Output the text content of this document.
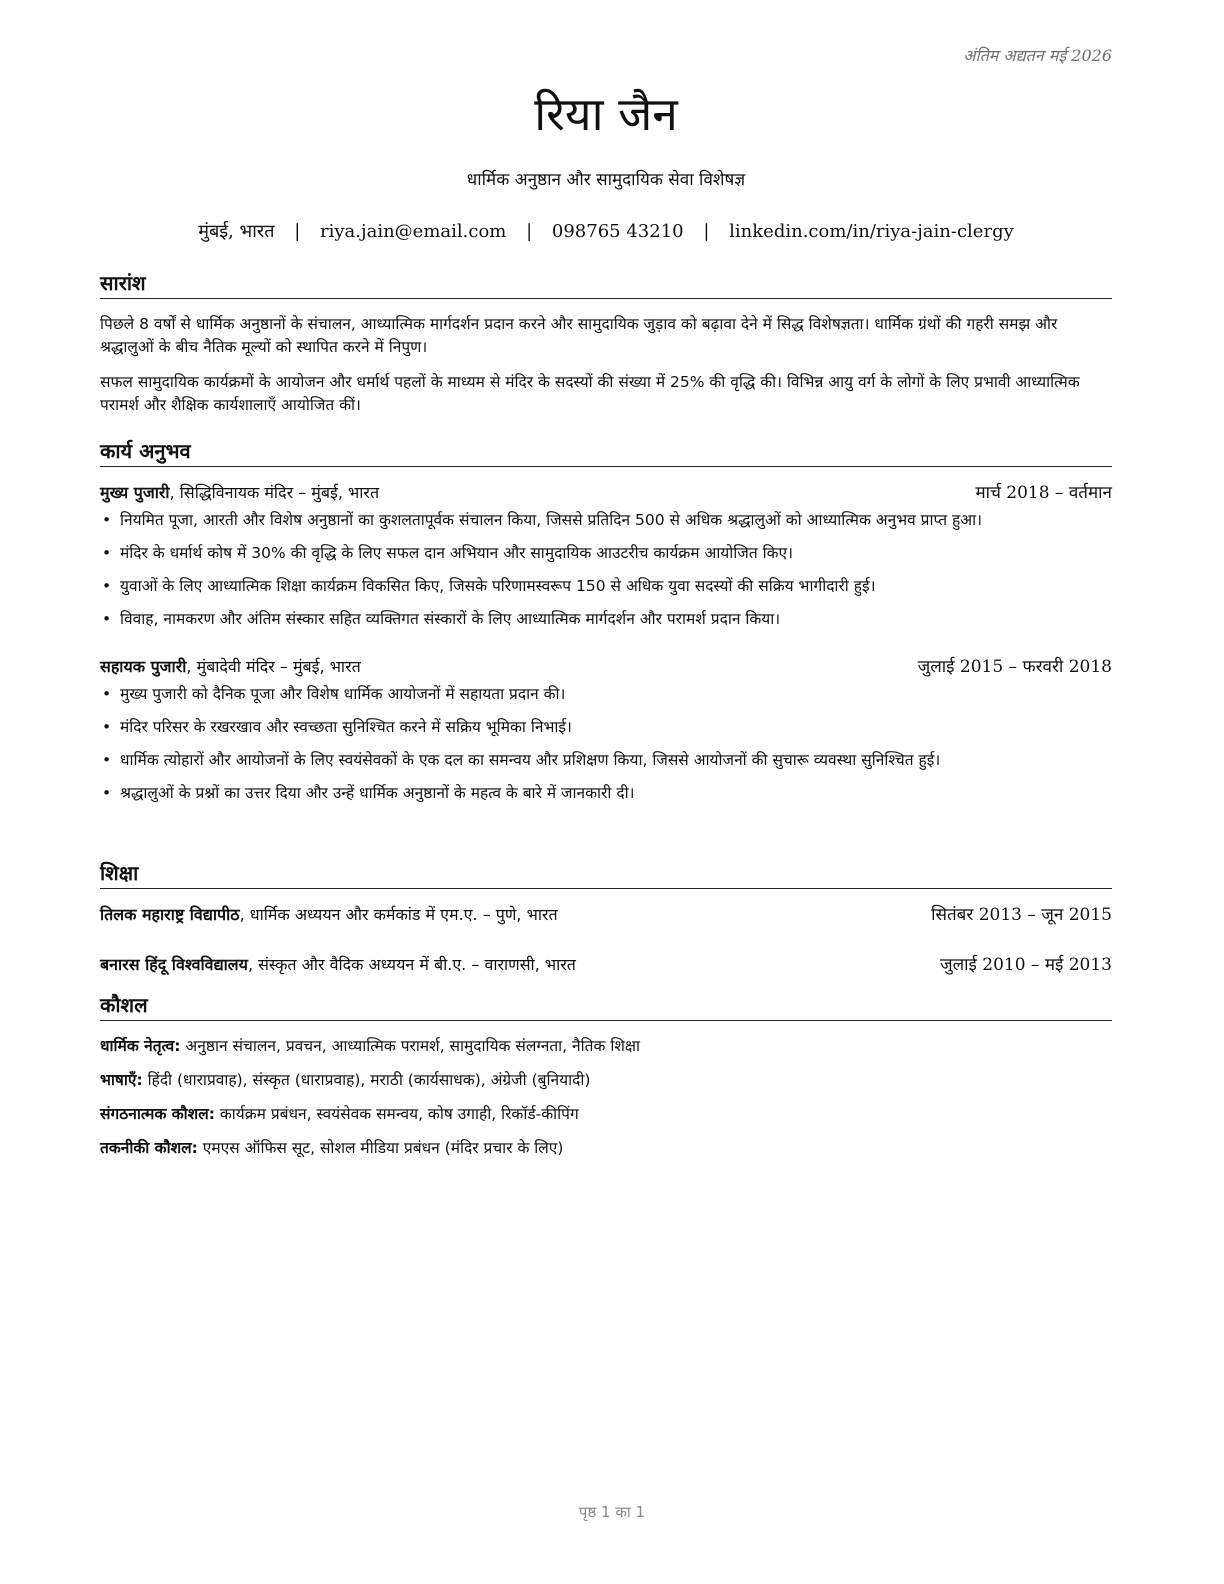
अंतिम अद्यतन मई 2026
रिया जैन
धार्मिक अनुष्ठान और सामुदायिक सेवा विशेषज्ञ
मुंबई, भारत | riya.jain@email.com | 098765 43210 | linkedin.com/in/riya-jain-clergy
सारांश

पिछले 8 वर्षों से धार्मिक अनुष्ठानों के संचालन, आध्यात्मिक मार्गदर्शन प्रदान करने और सामुदायिक जुड़ाव को बढ़ावा देने में सिद्ध विशेषज्ञता। धार्मिक ग्रंथों की गहरी समझ और श्रद्धालुओं के बीच नैतिक मूल्यों को स्थापित करने में निपुण।

सफल सामुदायिक कार्यक्रमों के आयोजन और धर्मार्थ पहलों के माध्यम से मंदिर के सदस्यों की संख्या में 25% की वृद्धि की। विभिन्न आयु वर्ग के लोगों के लिए प्रभावी आध्यात्मिक परामर्श और शैक्षिक कार्यशालाएँ आयोजित कीं।

कार्य अनुभव
मुख्य पुजारी, सिद्धिविनायक मंदिर – मुंबई, भारत	मार्च 2018 – वर्तमान
• नियमित पूजा, आरती और विशेष अनुष्ठानों का कुशलतापूर्वक संचालन किया, जिससे प्रतिदिन 500 से अधिक श्रद्धालुओं को आध्यात्मिक अनुभव प्राप्त हुआ।
• मंदिर के धर्मार्थ कोष में 30% की वृद्धि के लिए सफल दान अभियान और सामुदायिक आउटरीच कार्यक्रम आयोजित किए।
• युवाओं के लिए आध्यात्मिक शिक्षा कार्यक्रम विकसित किए, जिसके परिणामस्वरूप 150 से अधिक युवा सदस्यों की सक्रिय भागीदारी हुई।
• विवाह, नामकरण और अंतिम संस्कार सहित व्यक्तिगत संस्कारों के लिए आध्यात्मिक मार्गदर्शन और परामर्श प्रदान किया।
सहायक पुजारी, मुंबादेवी मंदिर – मुंबई, भारत	जुलाई 2015 – फरवरी 2018
• मुख्य पुजारी को दैनिक पूजा और विशेष धार्मिक आयोजनों में सहायता प्रदान की।
• मंदिर परिसर के रखरखाव और स्वच्छता सुनिश्चित करने में सक्रिय भूमिका निभाई।
• धार्मिक त्योहारों और आयोजनों के लिए स्वयंसेवकों के एक दल का समन्वय और प्रशिक्षण किया, जिससे आयोजनों की सुचारू व्यवस्था सुनिश्चित हुई।
• श्रद्धालुओं के प्रश्नों का उत्तर दिया और उन्हें धार्मिक अनुष्ठानों के महत्व के बारे में जानकारी दी।
शिक्षा
तिलक महाराष्ट्र विद्यापीठ, धार्मिक अध्ययन और कर्मकांड में एम.ए. – पुणे, भारत	सितंबर 2013 – जून 2015
बनारस हिंदू विश्वविद्यालय, संस्कृत और वैदिक अध्ययन में बी.ए. – वाराणसी, भारत	जुलाई 2010 – मई 2013
कौशल
धार्मिक नेतृत्व: अनुष्ठान संचालन, प्रवचन, आध्यात्मिक परामर्श, सामुदायिक संलग्नता, नैतिक शिक्षा
भाषाएँ: हिंदी (धाराप्रवाह), संस्कृत (धाराप्रवाह), मराठी (कार्यसाधक), अंग्रेजी (बुनियादी)
संगठनात्मक कौशल: कार्यक्रम प्रबंधन, स्वयंसेवक समन्वय, कोष उगाही, रिकॉर्ड-कीपिंग
तकनीकी कौशल: एमएस ऑफिस सूट, सोशल मीडिया प्रबंधन (मंदिर प्रचार के लिए)
पृष्ठ 1 का 1
